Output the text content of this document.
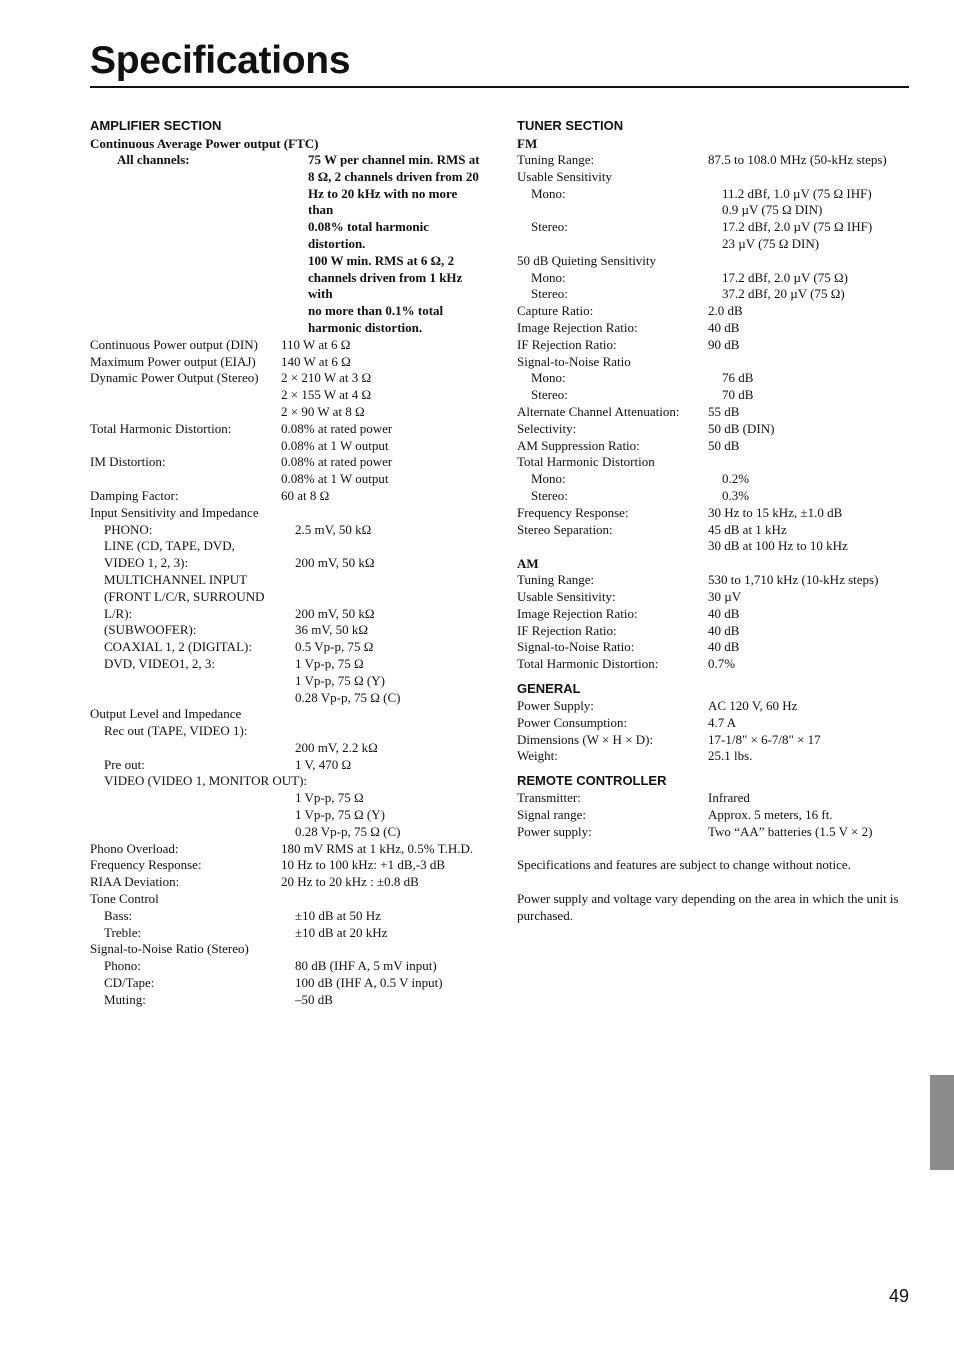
Specifications
AMPLIFIER SECTION
Continuous Average Power output (FTC)
All channels:	75 W per channel min. RMS at
8 Ω, 2 channels driven from 20
Hz to 20 kHz with no more than
0.08% total harmonic distortion.
100 W min. RMS at 6 Ω, 2
channels driven from 1 kHz with
no more than 0.1% total
harmonic distortion.
Continuous Power output (DIN)	110 W at 6 Ω
Maximum Power output (EIAJ)	140 W at 6 Ω
Dynamic Power Output (Stereo)	2 × 210 W at 3 Ω
2 × 155 W at 4 Ω
2 × 90 W at 8 Ω
Total Harmonic Distortion:	0.08% at rated power
0.08% at 1 W output
IM Distortion:	0.08% at rated power
0.08% at 1 W output
Damping Factor:	60 at 8 Ω
Input Sensitivity and Impedance
PHONO:	2.5 mV, 50 kΩ
LINE (CD, TAPE, DVD,
VIDEO 1, 2, 3):	200 mV, 50 kΩ
MULTICHANNEL INPUT
(FRONT L/C/R, SURROUND
L/R):	200 mV, 50 kΩ
(SUBWOOFER):	36 mV, 50 kΩ
COAXIAL 1, 2 (DIGITAL):	0.5 Vp-p, 75 Ω
DVD, VIDEO1, 2, 3:	1 Vp-p, 75 Ω
1 Vp-p, 75 Ω (Y)
0.28 Vp-p, 75 Ω (C)
Output Level and Impedance
Rec out (TAPE, VIDEO 1):
200 mV, 2.2 kΩ
Pre out:	1 V, 470 Ω
VIDEO (VIDEO 1, MONITOR OUT):
1 Vp-p, 75 Ω
1 Vp-p, 75 Ω (Y)
0.28 Vp-p, 75 Ω (C)
Phono Overload:	180 mV RMS at 1 kHz, 0.5% T.H.D.
Frequency Response:	10 Hz to 100 kHz: +1 dB,-3 dB
RIAA Deviation:	20 Hz to 20 kHz : ±0.8 dB
Tone Control
Bass:	±10 dB at 50 Hz
Treble:	±10 dB at 20 kHz
Signal-to-Noise Ratio (Stereo)
Phono:	80 dB (IHF A, 5 mV input)
CD/Tape:	100 dB (IHF A, 0.5 V input)
Muting:	–50 dB
TUNER SECTION
FM
Tuning Range:	87.5 to 108.0 MHz (50-kHz steps)
Usable Sensitivity
Mono:	11.2 dBf, 1.0 µV (75 Ω IHF)
0.9 µV (75 Ω DIN)
Stereo:	17.2 dBf, 2.0 µV (75 Ω IHF)
23 µV (75 Ω DIN)
50 dB Quieting Sensitivity
Mono:	17.2 dBf, 2.0 µV (75 Ω)
Stereo:	37.2 dBf, 20 µV (75 Ω)
Capture Ratio:	2.0 dB
Image Rejection Ratio:	40 dB
IF Rejection Ratio:	90 dB
Signal-to-Noise Ratio
Mono:	76 dB
Stereo:	70 dB
Alternate Channel Attenuation:	55 dB
Selectivity:	50 dB (DIN)
AM Suppression Ratio:	50 dB
Total Harmonic Distortion
Mono:	0.2%
Stereo:	0.3%
Frequency Response:	30 Hz to 15 kHz, ±1.0 dB
Stereo Separation:	45 dB at 1 kHz
30 dB at 100 Hz to 10 kHz
AM
Tuning Range:	530 to 1,710 kHz (10-kHz steps)
Usable Sensitivity:	30 µV
Image Rejection Ratio:	40 dB
IF Rejection Ratio:	40 dB
Signal-to-Noise Ratio:	40 dB
Total Harmonic Distortion:	0.7%
GENERAL
Power Supply:	AC 120 V, 60 Hz
Power Consumption:	4.7 A
Dimensions (W × H × D):	17-1/8" × 6-7/8" × 17
Weight:	25.1 lbs.
REMOTE CONTROLLER
Transmitter:	Infrared
Signal range:	Approx. 5 meters, 16 ft.
Power supply:	Two “AA” batteries (1.5 V × 2)
Specifications and features are subject to change without notice.
Power supply and voltage vary depending on the area in which the unit is purchased.
49
